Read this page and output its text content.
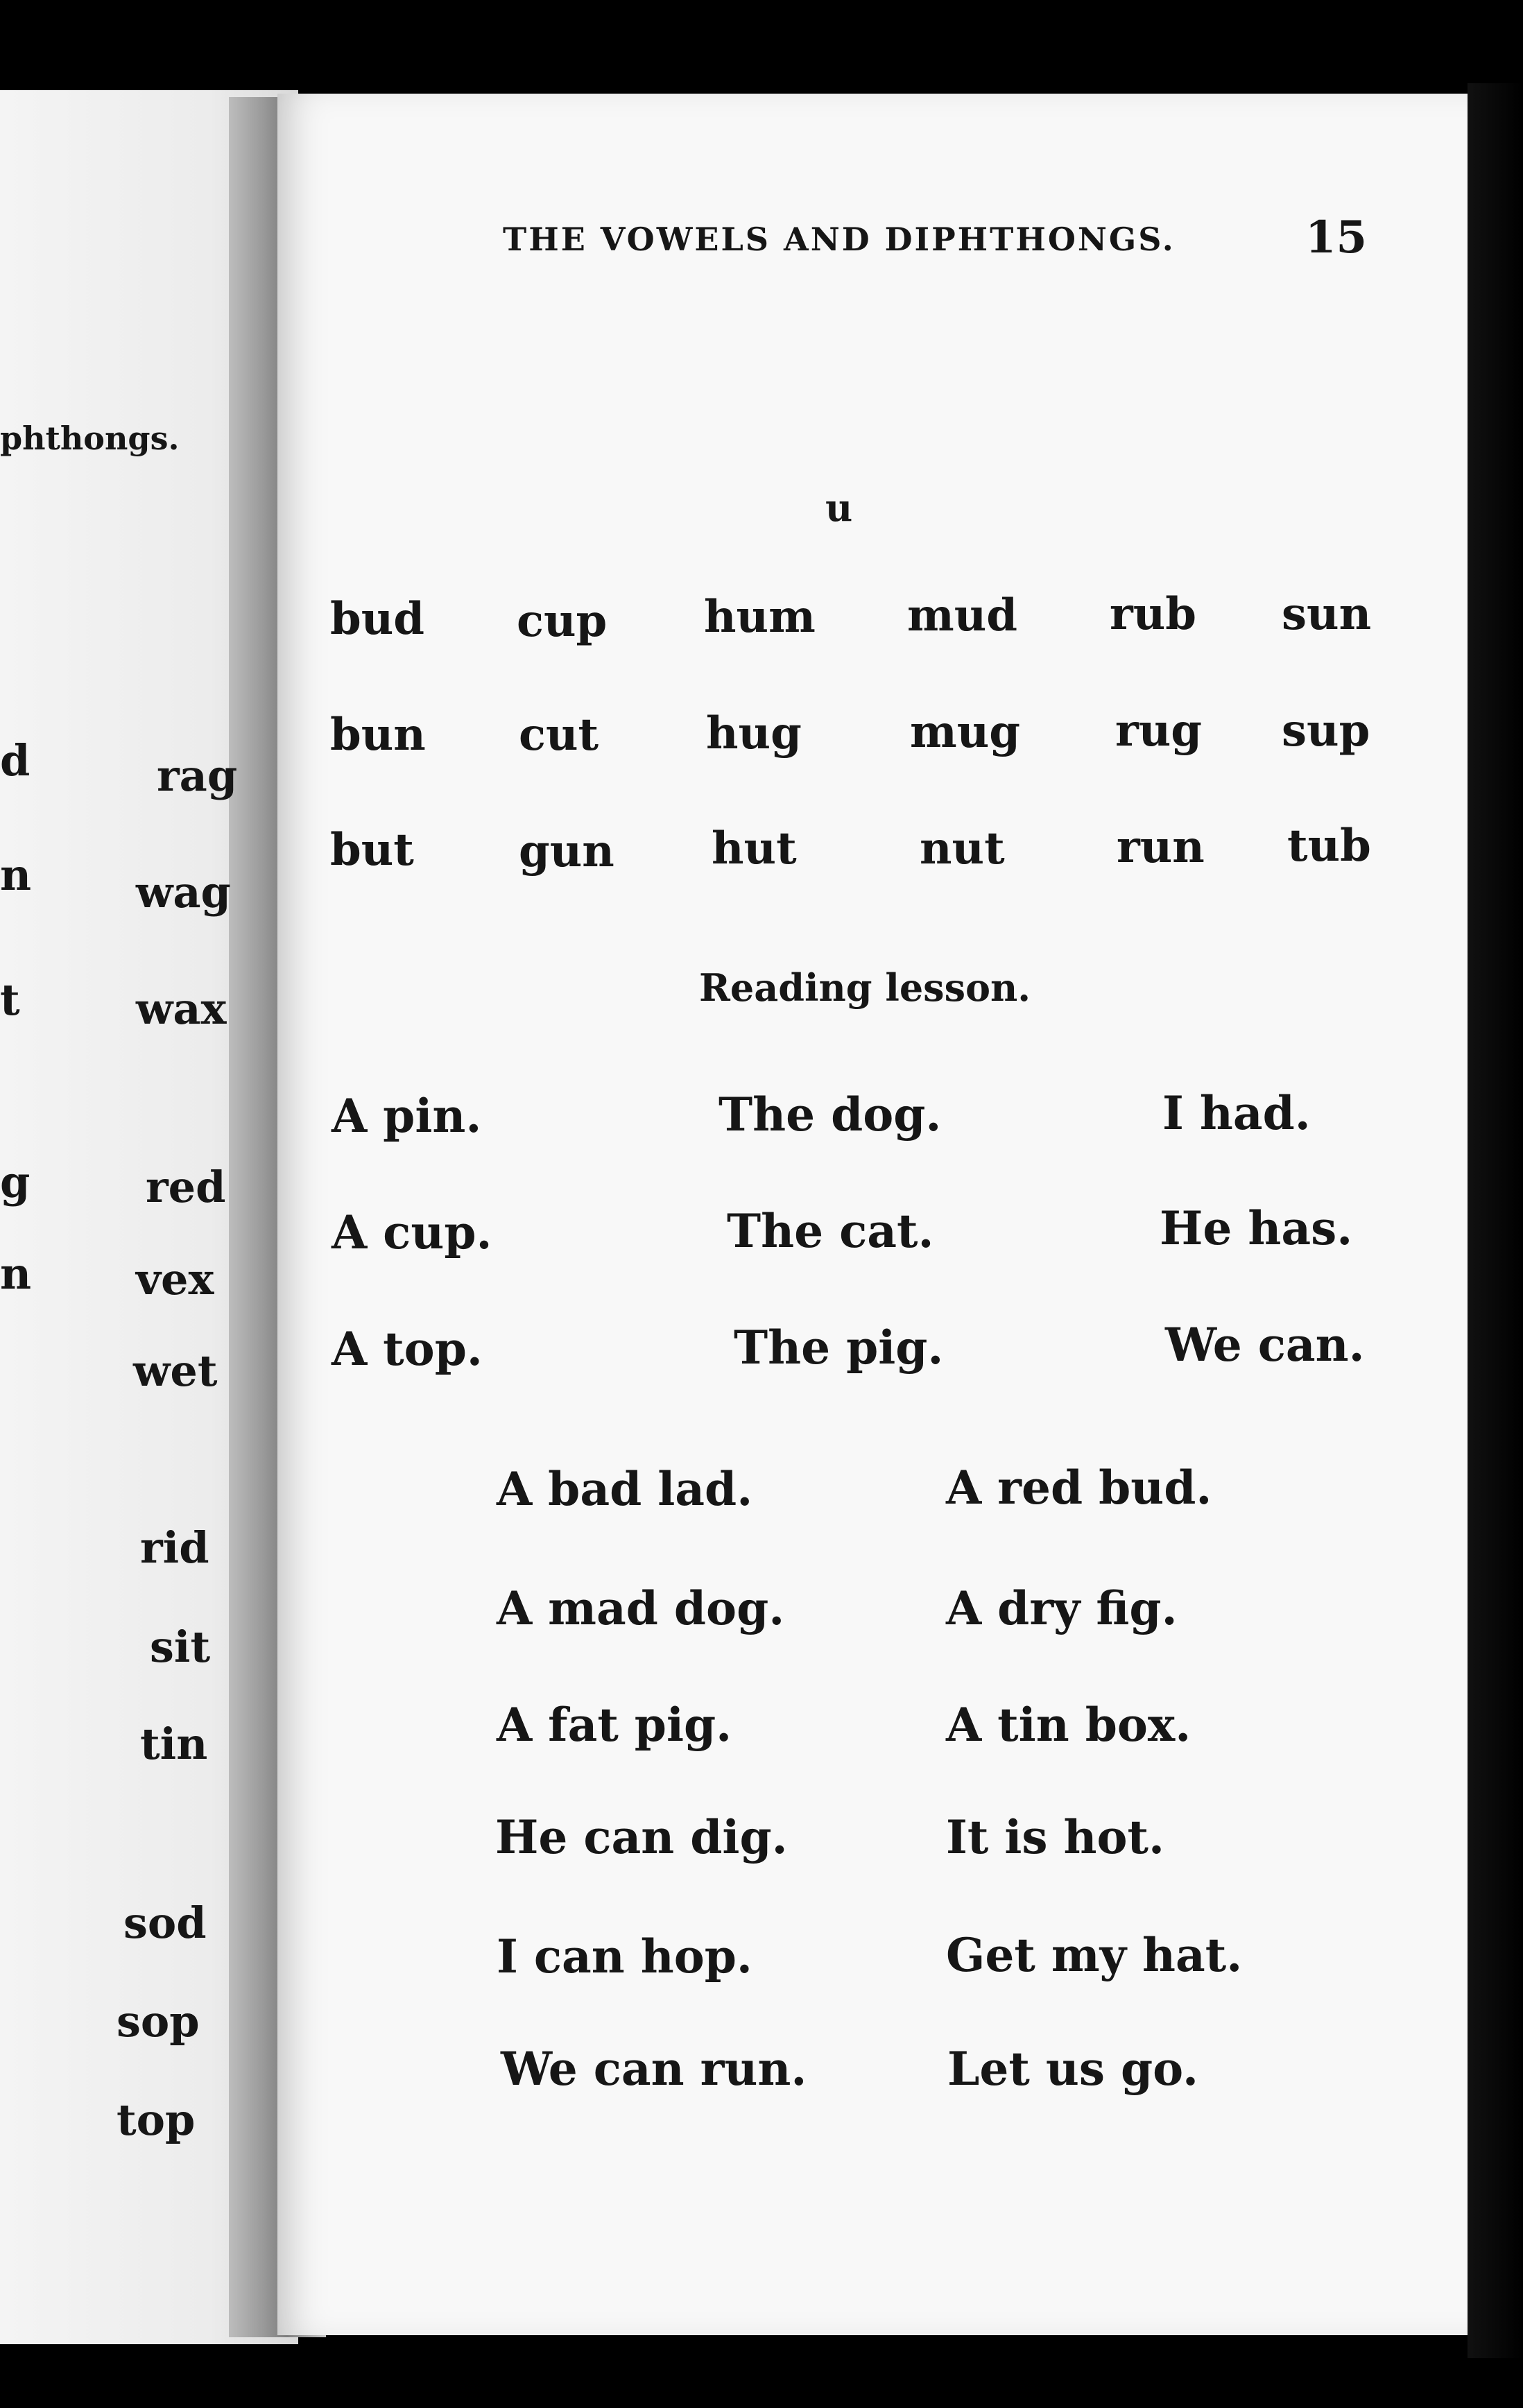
phthongs.
d
n
t
g
n
rag
wag
wax
red
vex
wet
rid
sit
tin
sod
sop
top
THE VOWELS AND DIPHTHONGS.	15
u
bud cup hum mud rub sun
bun cut hug mug rug sup
but gun hut	nut	run tub
Reading lesson.
A pin.	The dog.	I had.
A cup.	The cat.	He has.
A top.	The pig.	We can.
A bad lad.	A red bud.
A mad dog.	A dry fig.
A fat pig.	A tin box.
He can dig.	It is hot.
I can hop.	Get my hat.
We can run.	Let us go.
